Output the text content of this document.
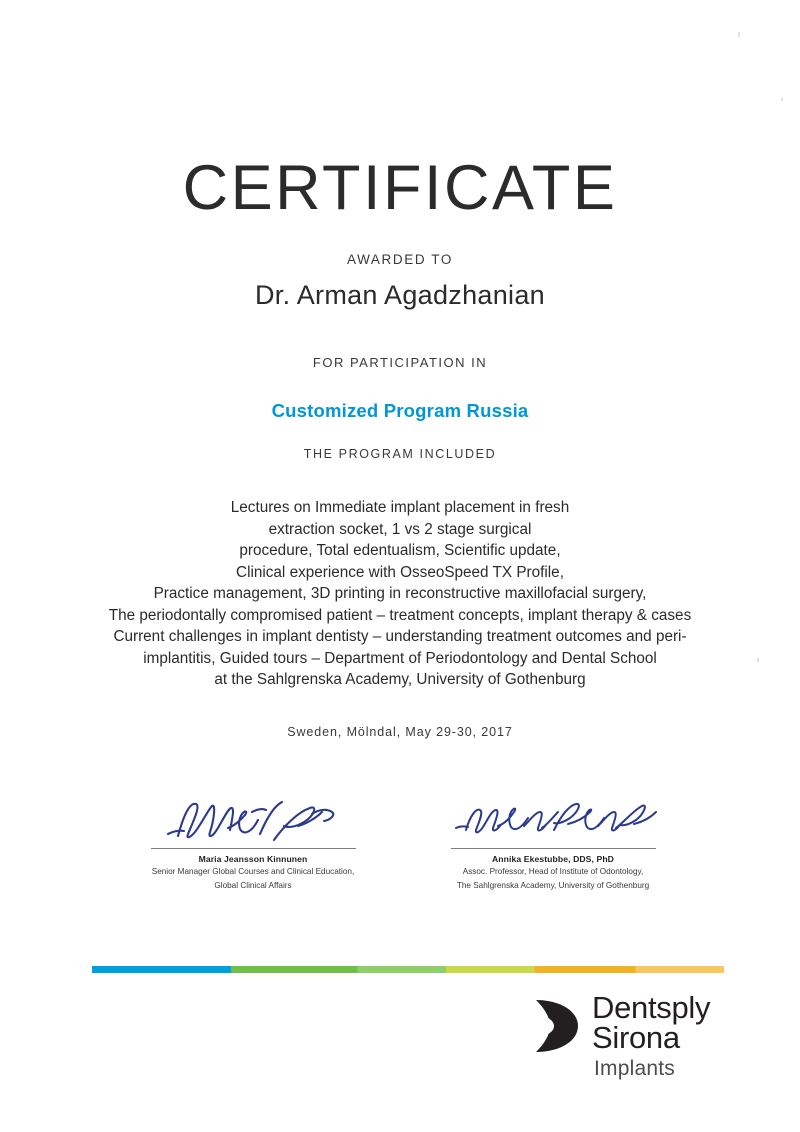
CERTIFICATE
AWARDED TO
Dr. Arman Agadzhanian
FOR PARTICIPATION IN
Customized Program Russia
THE PROGRAM INCLUDED
Lectures on Immediate implant placement in fresh
extraction socket, 1 vs 2 stage surgical
procedure, Total edentualism, Scientific update,
Clinical experience with OsseoSpeed TX Profile,
Practice management, 3D printing in reconstructive maxillofacial surgery,
The periodontally compromised patient – treatment concepts, implant therapy & cases
Current challenges in implant dentisty – understanding treatment outcomes and peri-
implantitis, Guided tours – Department of Periodontology and Dental School
at the Sahlgrenska Academy, University of Gothenburg
Sweden, Mölndal, May 29-30, 2017
Maria Jeansson Kinnunen
Senior Manager Global Courses and Clinical Education,
Global Clinical Affairs
Annika Ekestubbe, DDS, PhD
Assoc. Professor, Head of Institute of Odontology,
The Sahlgrenska Academy, University of Gothenburg
Dentsply
Sirona
Implants
